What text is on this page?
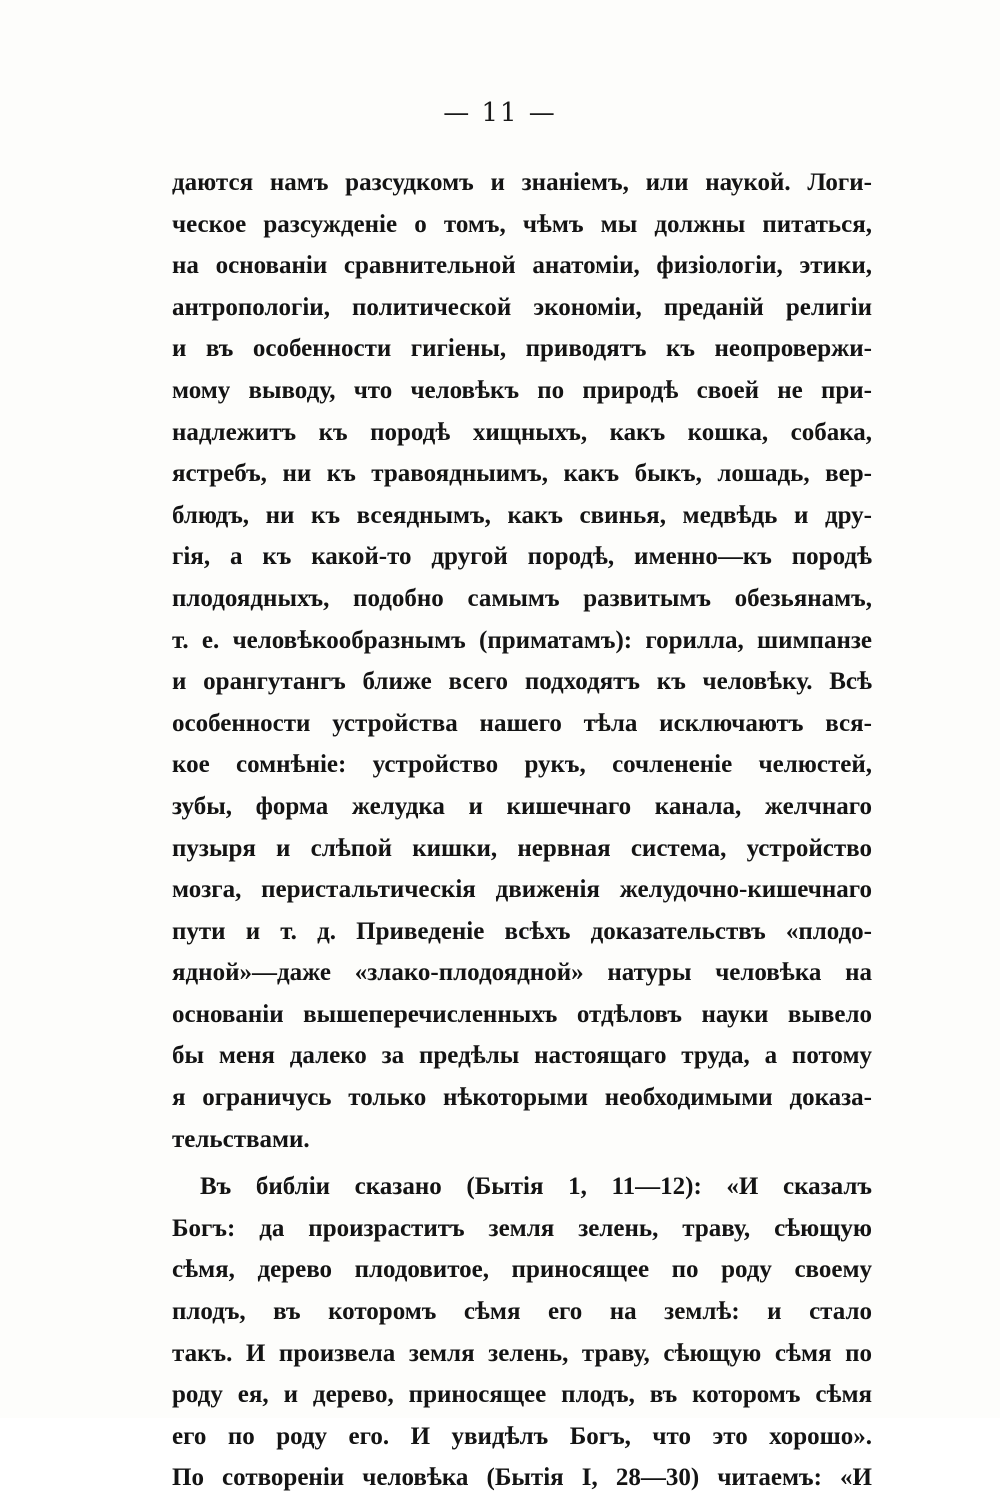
— 11 —
даются намъ разсудкомъ и знаніемъ, или наукой. Логи-
ческое разсужденіе о томъ, чѣмъ мы должны питаться,
на основаніи сравнительной анатоміи, физіологіи, этики,
антропологіи, политической экономіи, преданій религіи
и въ особенности гигіены, приводятъ къ неопровержи-
мому выводу, что человѣкъ по природѣ своей не при-
надлежитъ къ породѣ хищныхъ, какъ кошка, собака,
ястребъ, ни къ травоядныимъ, какъ быкъ, лошадь, вер-
блюдъ, ни къ всеяднымъ, какъ свинья, медвѣдь и дру-
гія, а къ какой-то другой породѣ, именно—къ породѣ
плодоядныхъ, подобно самымъ развитымъ обезьянамъ,
т. е. человѣкообразнымъ (приматамъ): горилла, шимпанзе
и орангутангъ ближе всего подходятъ къ человѣку. Всѣ
особенности устройства нашего тѣла исключаютъ вся-
кое сомнѣніе: устройство рукъ, сочлененіе челюстей,
зубы, форма желудка и кишечнаго канала, желчнаго
пузыря и слѣпой кишки, нервная система, устройство
мозга, перистальтическія движенія желудочно-кишечнаго
пути и т. д. Приведеніе всѣхъ доказательствъ «плодо-
ядной»—даже «злако-плодоядной» натуры человѣка на
основаніи вышеперечисленныхъ отдѣловъ науки вывело
бы меня далеко за предѣлы настоящаго труда, а потому
я ограничусь только нѣкоторыми необходимыми доказа-
тельствами.
Въ библіи сказано (Бытія 1, 11—12): «И сказалъ
Богъ: да произраститъ земля зелень, траву, сѣющую
сѣмя, дерево плодовитое, приносящее по роду своему
плодъ, въ которомъ сѣмя его на землѣ: и стало
такъ. И произвела земля зелень, траву, сѣющую сѣмя по
роду ея, и дерево, приносящее плодъ, въ которомъ сѣмя
его по роду его. И увидѣлъ Богъ, что это хорошо».
По сотвореніи человѣка (Бытія I, 28—30) читаемъ: «И
